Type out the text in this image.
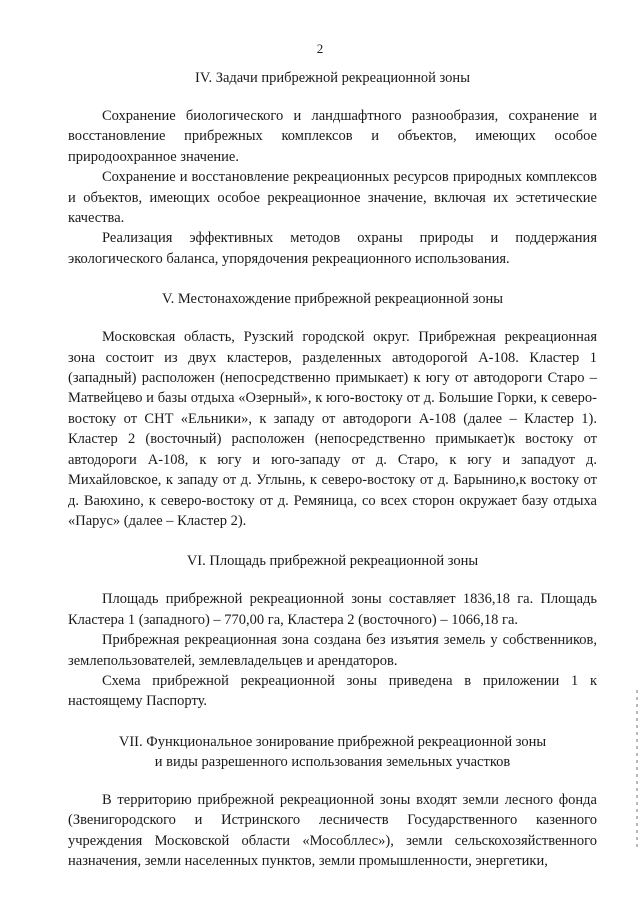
2
IV. Задачи прибрежной рекреационной зоны

Сохранение биологического и ландшафтного разнообразия, сохранение и восстановление прибрежных комплексов и объектов, имеющих особое природоохранное значение.

Сохранение и восстановление рекреационных ресурсов природных комплексов и объектов, имеющих особое рекреационное значение, включая их эстетические качества.

Реализация эффективных методов охраны природы и поддержания экологического баланса, упорядочения рекреационного использования.

V. Местонахождение прибрежной рекреационной зоны

Московская область, Рузский городской округ. Прибрежная рекреационная зона состоит из двух кластеров, разделенных автодорогой А-108. Кластер 1 (западный) расположен (непосредственно примыкает) к югу от автодороги Старо – Матвейцево и базы отдыха «Озерный», к юго-востоку от д. Большие Горки, к северо-востоку от СНТ «Ельники», к западу от автодороги А-108 (далее – Кластер 1). Кластер 2 (восточный) расположен (непосредственно примыкает)к востоку от автодороги А-108, к югу и юго-западу от д. Старо, к югу и западуот д. Михайловское, к западу от д. Углынь, к северо-востоку от д. Барынино,к востоку от д. Ваюхино, к северо-востоку от д. Ремяница, со всех сторон окружает базу отдыха «Парус» (далее – Кластер 2).

VI. Площадь прибрежной рекреационной зоны

Площадь прибрежной рекреационной зоны составляет 1836,18 га. Площадь Кластера 1 (западного) – 770,00 га, Кластера 2 (восточного) – 1066,18 га.

Прибрежная рекреационная зона создана без изъятия земель у собственников, землепользователей, землевладельцев и арендаторов.

Схема прибрежной рекреационной зоны приведена в приложении 1 к настоящему Паспорту.

VII. Функциональное зонирование прибрежной рекреационной зоны
и виды разрешенного использования земельных участков

В территорию прибрежной рекреационной зоны входят земли лесного фонда (Звенигородского и Истринского лесничеств Государственного казенного учреждения Московской области «Мособллес»), земли сельскохозяйственного назначения, земли населенных пунктов, земли промышленности, энергетики,
